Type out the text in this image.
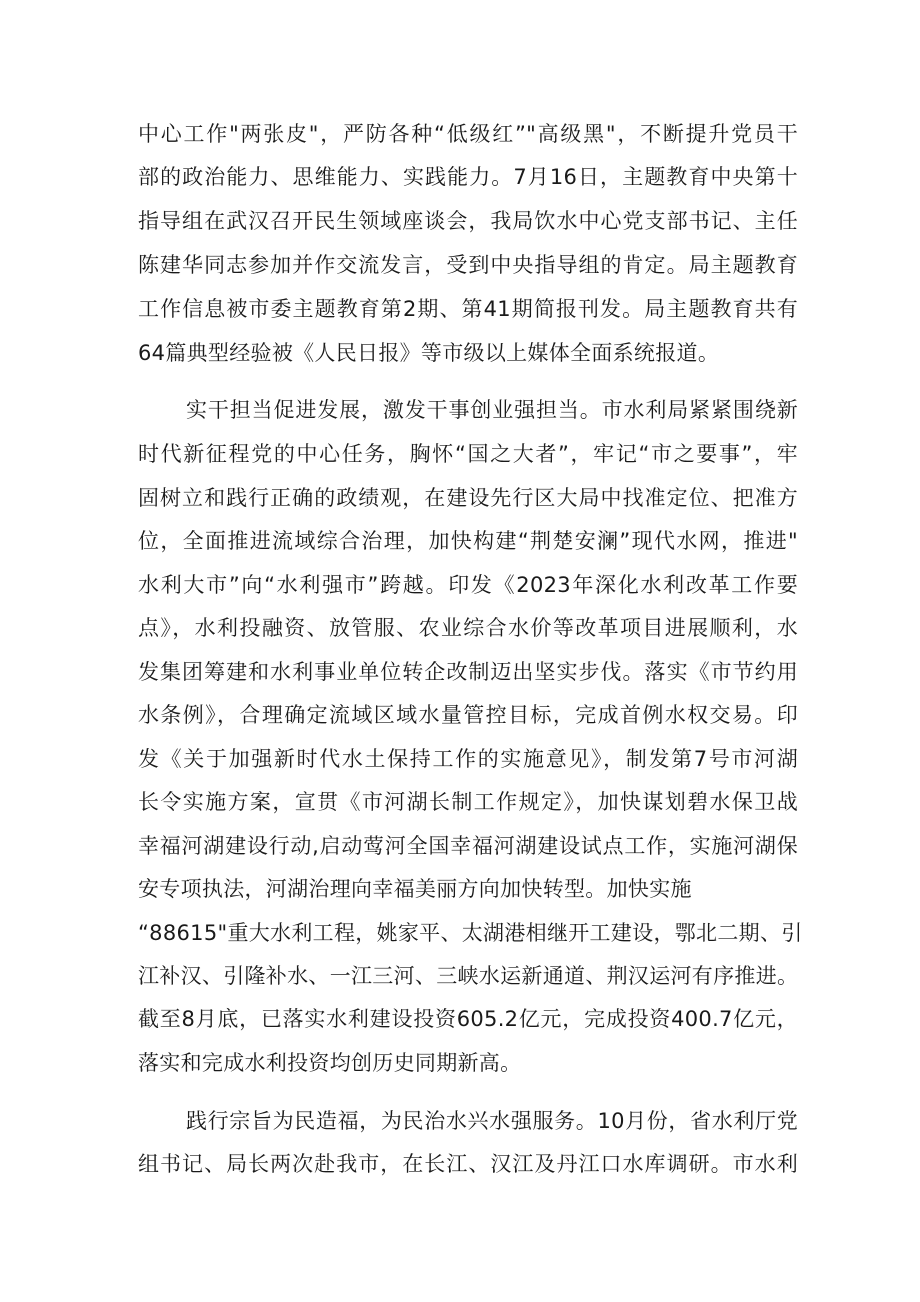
中心工作"两张皮"，严防各种“低级红”"高级黑"，不断提升党员干
部的政治能力、思维能力、实践能力。7月16日，主题教育中央第十
指导组在武汉召开民生领域座谈会，我局饮水中心党支部书记、主任
陈建华同志参加并作交流发言，受到中央指导组的肯定。局主题教育
工作信息被市委主题教育第2期、第41期简报刊发。局主题教育共有
64篇典型经验被《人民日报》等市级以上媒体全面系统报道。
实干担当促进发展，激发干事创业强担当。市水利局紧紧围绕新
时代新征程党的中心任务，胸怀“国之大者”，牢记“市之要事”，牢
固树立和践行正确的政绩观，在建设先行区大局中找准定位、把准方
位，全面推进流域综合治理，加快构建“荆楚安澜”现代水网，推进"
水利大市”向“水利强市”跨越。印发《2023年深化水利改革工作要
点》，水利投融资、放管服、农业综合水价等改革项目进展顺利，水
发集团筹建和水利事业单位转企改制迈出坚实步伐。落实《市节约用
水条例》，合理确定流域区域水量管控目标，完成首例水权交易。印
发《关于加强新时代水土保持工作的实施意见》，制发第7号市河湖
长令实施方案，宣贯《市河湖长制工作规定》，加快谋划碧水保卫战
幸福河湖建设行动,启动莺河全国幸福河湖建设试点工作，实施河湖保
安专项执法，河湖治理向幸福美丽方向加快转型。加快实施
“88615"重大水利工程，姚家平、太湖港相继开工建设，鄂北二期、引
江补汉、引隆补水、一江三河、三峡水运新通道、荆汉运河有序推进。
截至8月底，已落实水利建设投资605.2亿元，完成投资400.7亿元，
落实和完成水利投资均创历史同期新高。
践行宗旨为民造福，为民治水兴水强服务。10月份，省水利厅党
组书记、局长两次赴我市，在长江、汉江及丹江口水库调研。市水利
